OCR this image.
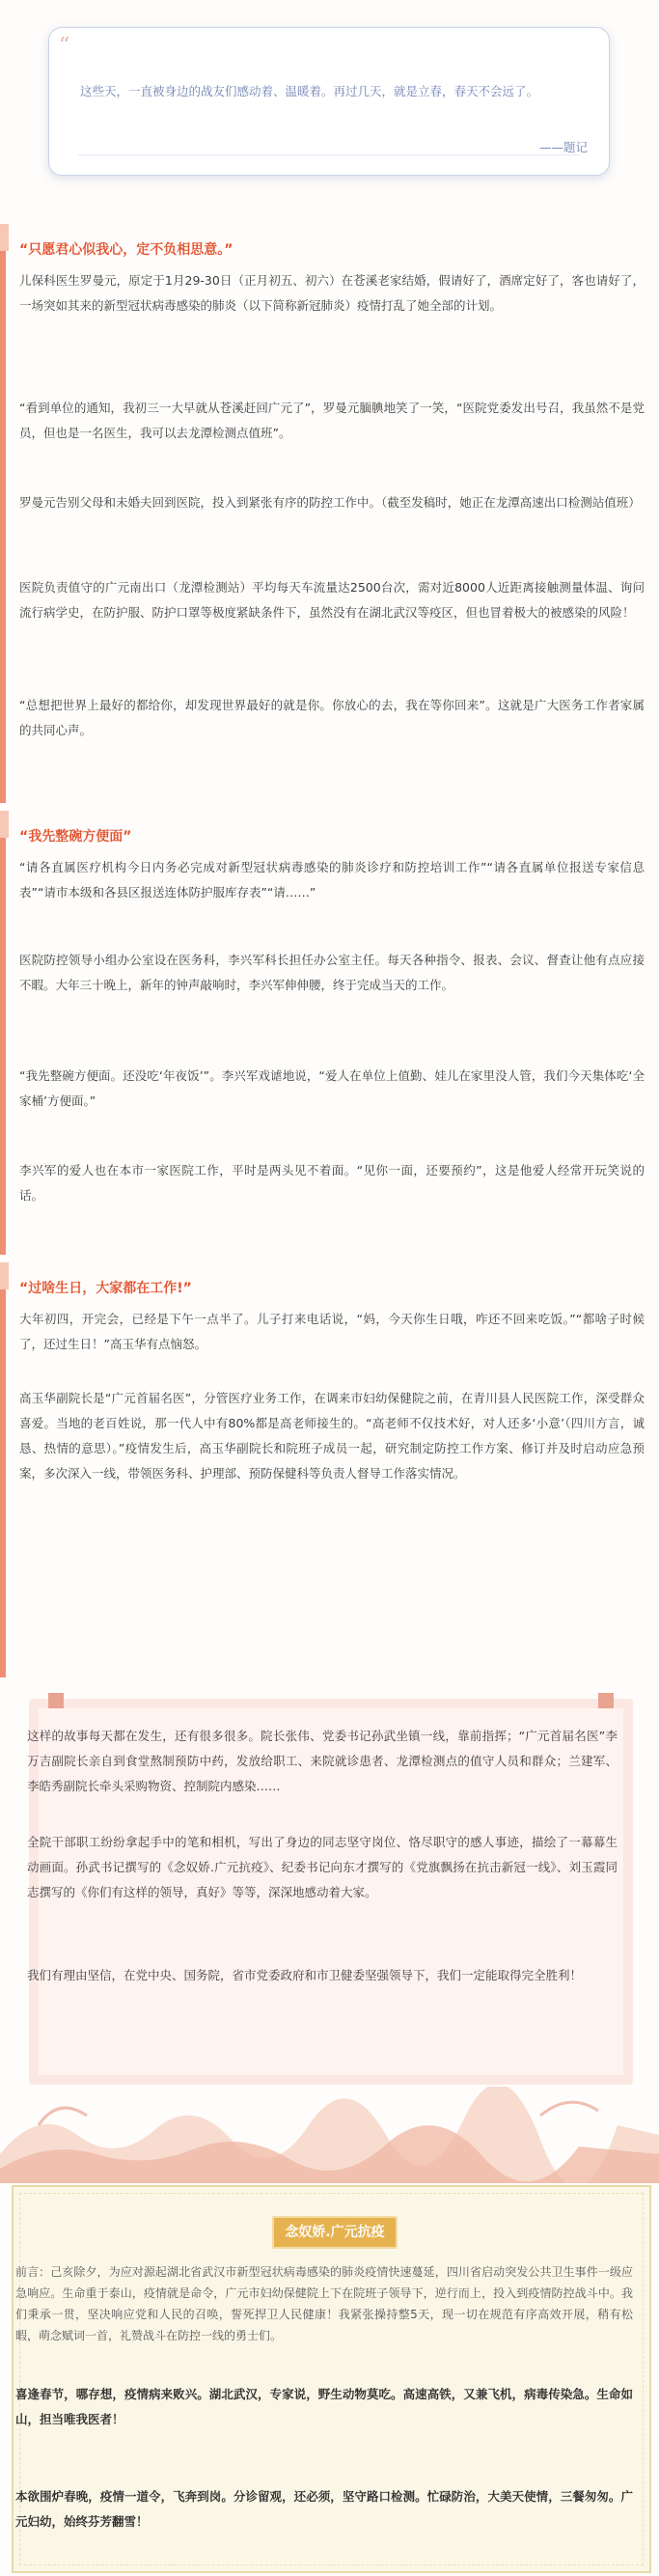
“
这些天，一直被身边的战友们感动着、温暖着。再过几天，就是立春，春天不会远了。
——题记
“只愿君心似我心，定不负相思意。”

儿保科医生罗曼元，原定于1月29-30日（正月初五、初六）在苍溪老家结婚，假请好了，酒席定好了，客也请好了，一场突如其来的新型冠状病毒感染的肺炎（以下简称新冠肺炎）疫情打乱了她全部的计划。

“看到单位的通知，我初三一大早就从苍溪赶回广元了”，罗曼元腼腆地笑了一笑，“医院党委发出号召，我虽然不是党员，但也是一名医生，我可以去龙潭检测点值班”。

罗曼元告别父母和未婚夫回到医院，投入到紧张有序的防控工作中。（截至发稿时，她正在龙潭高速出口检测站值班）

医院负责值守的广元南出口（龙潭检测站）平均每天车流量达2500台次，需对近8000人近距离接触测量体温、询问流行病学史，在防护服、防护口罩等极度紧缺条件下，虽然没有在湖北武汉等疫区，但也冒着极大的被感染的风险！

“总想把世界上最好的都给你，却发现世界最好的就是你。你放心的去，我在等你回来”。这就是广大医务工作者家属的共同心声。

“我先整碗方便面”

“请各直属医疗机构今日内务必完成对新型冠状病毒感染的肺炎诊疗和防控培训工作”“请各直属单位报送专家信息表”“请市本级和各县区报送连体防护服库存表”“请……”

医院防控领导小组办公室设在医务科，李兴军科长担任办公室主任。每天各种指令、报表、会议、督查让他有点应接不暇。大年三十晚上，新年的钟声敲响时，李兴军伸伸腰，终于完成当天的工作。

“我先整碗方便面。还没吃‘年夜饭’”。李兴军戏谑地说，“爱人在单位上值勤、娃儿在家里没人管，我们今天集体吃‘全家桶’方便面。”

李兴军的爱人也在本市一家医院工作，平时是两头见不着面。“见你一面，还要预约”，这是他爱人经常开玩笑说的话。

“过啥生日，大家都在工作!”

大年初四，开完会，已经是下午一点半了。儿子打来电话说，“妈，今天你生日哦，咋还不回来吃饭。”“都啥子时候了，还过生日！”高玉华有点恼怒。

高玉华副院长是“广元首届名医”，分管医疗业务工作，在调来市妇幼保健院之前，在青川县人民医院工作，深受群众喜爱。当地的老百姓说，那一代人中有80%都是高老师接生的。“高老师不仅技术好，对人还多‘小意’（四川方言，诚恳、热情的意思）。”疫情发生后，高玉华副院长和院班子成员一起，研究制定防控工作方案、修订并及时启动应急预案，多次深入一线，带领医务科、护理部、预防保健科等负责人督导工作落实情况。

这样的故事每天都在发生，还有很多很多。院长张伟、党委书记孙武坐镇一线，靠前指挥；“广元首届名医”李万吉副院长亲自到食堂熬制预防中药，发放给职工、来院就诊患者、龙潭检测点的值守人员和群众；兰建军、李皓秀副院长牵头采购物资、控制院内感染……

全院干部职工纷纷拿起手中的笔和相机，写出了身边的同志坚守岗位、恪尽职守的感人事迹，描绘了一幕幕生动画面。孙武书记撰写的《念奴娇.广元抗疫》、纪委书记向东才撰写的《党旗飘扬在抗击新冠一线》、刘玉霞同志撰写的《你们有这样的领导，真好》等等，深深地感动着大家。

我们有理由坚信，在党中央、国务院，省市党委政府和市卫健委坚强领导下，我们一定能取得完全胜利！

念奴娇.广元抗疫

前言：己亥除夕，为应对源起湖北省武汉市新型冠状病毒感染的肺炎疫情快速蔓延，四川省启动突发公共卫生事件一级应急响应。生命重于泰山，疫情就是命令，广元市妇幼保健院上下在院班子领导下，逆行而上，投入到疫情防控战斗中。我们秉承一贯，坚决响应党和人民的召唤，誓死捍卫人民健康！我紧张操持整5天，现一切在规范有序高效开展，稍有松暇，萌念赋词一首，礼赞战斗在防控一线的勇士们。

喜逢春节，哪存想，疫情病来败兴。湖北武汉，专家说，野生动物莫吃。高速高铁，又兼飞机，病毒传染急。生命如山，担当唯我医者！

本欲围炉春晚，疫情一道令，飞奔到岗。分诊留观，还必须，坚守路口检测。忙碌防治，大美天使情，三餐匆匆。广元妇幼，始终芬芳翻雪！
